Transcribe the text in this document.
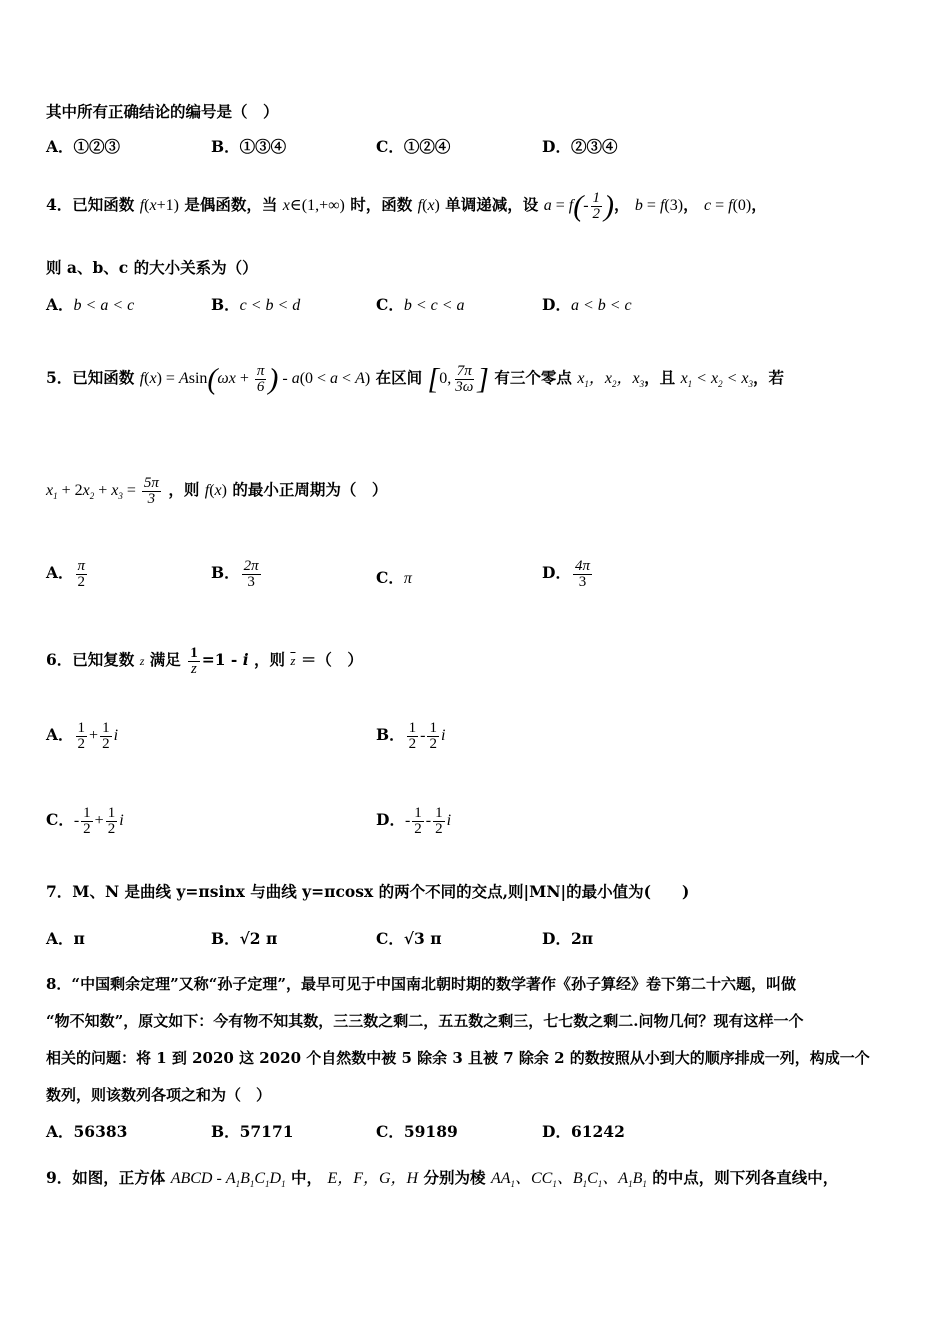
其中所有正确结论的编号是（　）
A．①②③	B．①③④	C．①②④	D．②③④
4．已知函数 f(x+1) 是偶函数，当 x∈(1,+∞) 时，函数 f(x) 单调递减，设 $a = f(- \frac{1}{2}$ )， b = f(3)， c = f(0)，
则 a、b、c 的大小关系为（）
A．b < a < c	B．c < b < d	C．b < c < a	D．a < b < c
5．已知函数 $f(x) = Asin(\omega x + \frac{\pi}{6}$ ) - a(0 < a < A) 在区间 [0, $\frac{7\pi}{3\omega}$ ] 有三个零点 $x_1$，$x_2$，$x_3$，且 $x_1 < x_2 < x_3$，若
$x_1 + 2x_2 + x_3 = \frac{5\pi}{3}$ ，则 f(x) 的最小正周期为（　）
A． $\frac{\pi}{2}$	B． $\frac{2\pi}{3}$	C．π	D． $\frac{4\pi}{3}$
6．已知复数 z 满足 $\frac{1}{z} =1 - i$ ，则 $\overline{z}$ ＝（　）
A． $\frac{1}{2} + \frac{1}{2}$ i	B． $\frac{1}{2} - \frac{1}{2}$ i
C．- $\frac{1}{2} + \frac{1}{2}$ i	D．- $\frac{1}{2} - \frac{1}{2}$ i
7．M、N 是曲线 y=πsinx 与曲线 y=πcosx 的两个不同的交点,则|MN|的最小值为(　　)
A．π	B．√2 π	C．√3 π	D．2π
8．“中国剩余定理”又称“孙子定理”，最早可见于中国南北朝时期的数学著作《孙子算经》卷下第二十六题，叫做
“物不知数”，原文如下：今有物不知其数，三三数之剩二，五五数之剩三，七七数之剩二.问物几何？现有这样一个
相关的问题：将 1 到 2020 这 2020 个自然数中被 5 除余 3 且被 7 除余 2 的数按照从小到大的顺序排成一列，构成一个
数列，则该数列各项之和为（　）
A．56383	B．57171	C．59189	D．61242
9．如图，正方体 ABCD - $A_1B_1C_1D_1$ 中， E，F，G，H 分别为棱 $AA_1$、$CC_1$、$B_1C_1$、$A_1B_1$ 的中点，则下列各直线中，
